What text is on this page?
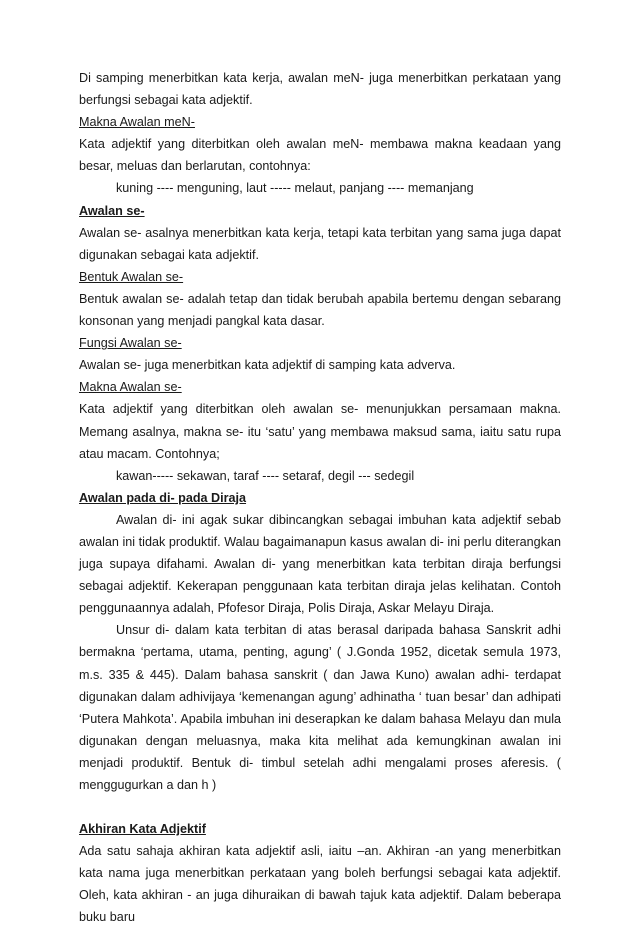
Di samping menerbitkan kata kerja, awalan meN- juga menerbitkan perkataan yang berfungsi sebagai kata adjektif.

Makna Awalan meN-

Kata adjektif yang diterbitkan oleh awalan meN- membawa makna keadaan yang besar, meluas dan berlarutan, contohnya:

kuning ---- menguning, laut ----- melaut, panjang ---- memanjang

Awalan se-

Awalan se- asalnya menerbitkan kata kerja, tetapi kata terbitan yang sama juga dapat digunakan sebagai kata adjektif.

Bentuk Awalan se-

Bentuk awalan se- adalah tetap dan tidak berubah apabila bertemu dengan sebarang konsonan yang menjadi pangkal kata dasar.

Fungsi Awalan se-

Awalan se- juga menerbitkan kata adjektif di samping kata adverva.

Makna Awalan se-

Kata adjektif yang diterbitkan oleh awalan se- menunjukkan persamaan makna. Memang asalnya, makna se- itu ‘satu’ yang membawa maksud sama, iaitu satu rupa atau macam. Contohnya;

kawan----- sekawan, taraf ---- setaraf, degil --- sedegil

Awalan pada di- pada Diraja

Awalan di- ini agak sukar dibincangkan sebagai imbuhan kata adjektif sebab awalan ini tidak produktif. Walau bagaimanapun kasus awalan di- ini perlu diterangkan juga supaya difahami. Awalan di- yang menerbitkan kata terbitan diraja berfungsi sebagai adjektif. Kekerapan penggunaan kata terbitan diraja jelas kelihatan. Contoh penggunaannya adalah, Pfofesor Diraja, Polis Diraja, Askar Melayu Diraja.

Unsur di- dalam kata terbitan di atas berasal daripada bahasa Sanskrit adhi bermakna ‘pertama, utama, penting, agung’ ( J.Gonda 1952, dicetak semula 1973, m.s. 335 & 445). Dalam bahasa sanskrit ( dan Jawa Kuno) awalan adhi- terdapat digunakan dalam adhivijaya ‘kemenangan agung’ adhinatha ‘ tuan besar’ dan adhipati ‘Putera Mahkota’. Apabila imbuhan ini deserapkan ke dalam bahasa Melayu dan mula digunakan dengan meluasnya, maka kita melihat ada kemungkinan awalan ini menjadi produktif. Bentuk di- timbul setelah adhi mengalami proses aferesis. ( menggugurkan a dan h )

Akhiran Kata Adjektif

Ada satu sahaja akhiran kata adjektif asli, iaitu –an. Akhiran -an yang menerbitkan kata nama juga menerbitkan perkataan yang boleh berfungsi sebagai kata adjektif. Oleh, kata akhiran - an juga dihuraikan di bawah tajuk kata adjektif. Dalam beberapa buku baru
